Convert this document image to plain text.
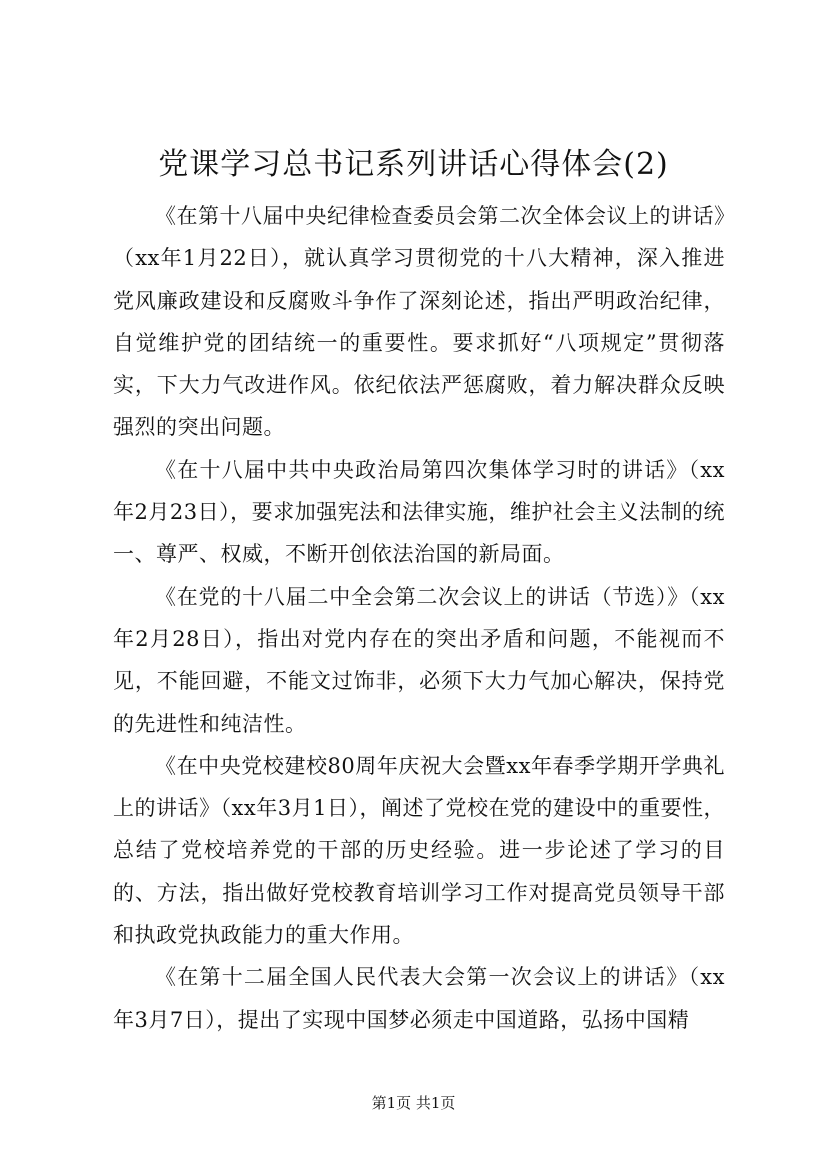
党课学习总书记系列讲话心得体会(2)

《在第十八届中央纪律检查委员会第二次全体会议上的讲话》（xx年1月22日），就认真学习贯彻党的十八大精神，深入推进党风廉政建设和反腐败斗争作了深刻论述，指出严明政治纪律，自觉维护党的团结统一的重要性。要求抓好“八项规定”贯彻落实，下大力气改进作风。依纪依法严惩腐败，着力解决群众反映强烈的突出问题。

《在十八届中共中央政治局第四次集体学习时的讲话》（xx年2月23日），要求加强宪法和法律实施，维护社会主义法制的统一、尊严、权威，不断开创依法治国的新局面。

《在党的十八届二中全会第二次会议上的讲话（节选）》（xx年2月28日），指出对党内存在的突出矛盾和问题，不能视而不见，不能回避，不能文过饰非，必须下大力气加心解决，保持党的先进性和纯洁性。

《在中央党校建校80周年庆祝大会暨xx年春季学期开学典礼上的讲话》（xx年3月1日），阐述了党校在党的建设中的重要性，总结了党校培养党的干部的历史经验。进一步论述了学习的目的、方法，指出做好党校教育培训学习工作对提高党员领导干部和执政党执政能力的重大作用。

《在第十二届全国人民代表大会第一次会议上的讲话》（xx年3月7日），提出了实现中国梦必须走中国道路，弘扬中国精

第1页 共1页
